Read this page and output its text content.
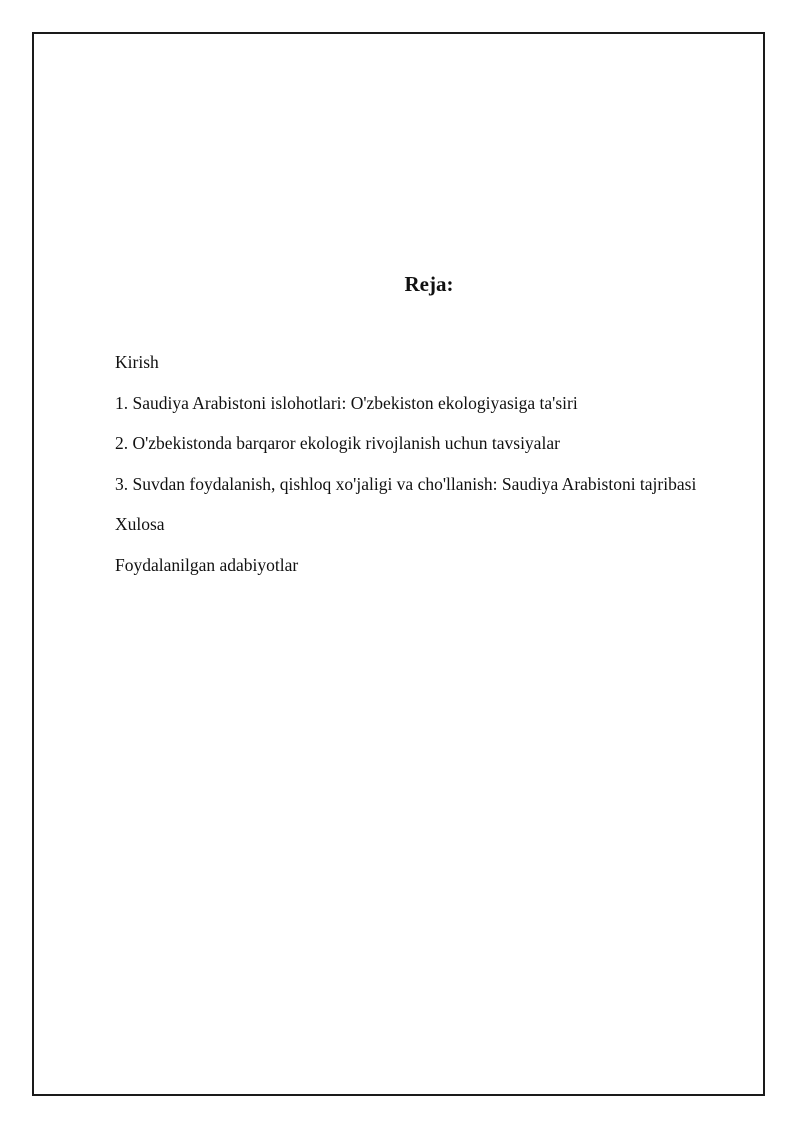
Reja:
Kirish
1. Saudiya Arabistoni islohotlari: O'zbekiston ekologiyasiga ta'siri
2. O'zbekistonda barqaror ekologik rivojlanish uchun tavsiyalar
3. Suvdan foydalanish, qishloq xo'jaligi va cho'llanish: Saudiya Arabistoni tajribasi
Xulosa
Foydalanilgan adabiyotlar
